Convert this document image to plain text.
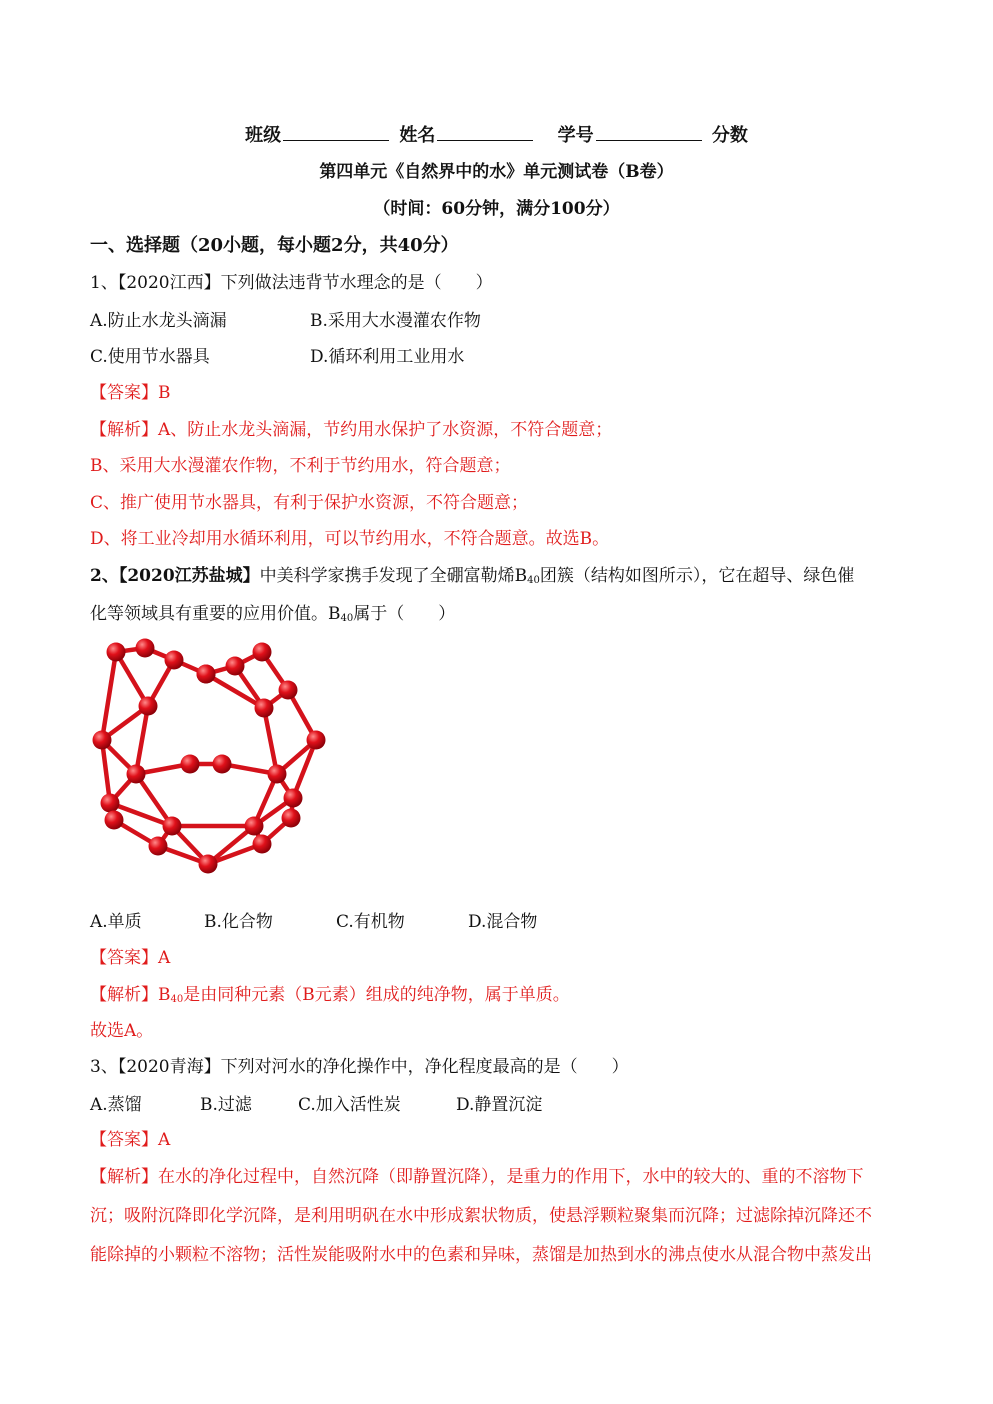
班级	姓名	学号	分数
第四单元《自然界中的水》单元测试卷（B卷）
（时间：60分钟，满分100分）
一、选择题（20小题，每小题2分，共40分）
1、【2020江西】下列做法违背节水理念的是（　　）
A.防止水龙头滴漏	B.采用大水漫灌农作物
C.使用节水器具	D.循环利用工业用水
【答案】B
【解析】A、防止水龙头滴漏，节约用水保护了水资源，不符合题意；
B、采用大水漫灌农作物，不利于节约用水，符合题意；
C、推广使用节水器具，有利于保护水资源，不符合题意；
D、将工业冷却用水循环利用，可以节约用水，不符合题意。故选B。
2、【2020江苏盐城】中美科学家携手发现了全硼富勒烯$B_{40}$团簇（结构如图所示），它在超导、绿色催
化等领域具有重要的应用价值。$B_{40}$属于（　　）
A.单质	B.化合物	C.有机物	D.混合物
【答案】A
【解析】$B_{40}$是由同种元素（B元素）组成的纯净物，属于单质。
故选A。
3、【2020青海】下列对河水的净化操作中，净化程度最高的是（　　）
A.蒸馏	B.过滤	C.加入活性炭	D.静置沉淀
【答案】A
【解析】在水的净化过程中，自然沉降（即静置沉降），是重力的作用下，水中的较大的、重的不溶物下
沉；吸附沉降即化学沉降，是利用明矾在水中形成絮状物质，使悬浮颗粒聚集而沉降；过滤除掉沉降还不
能除掉的小颗粒不溶物；活性炭能吸附水中的色素和异味，蒸馏是加热到水的沸点使水从混合物中蒸发出
